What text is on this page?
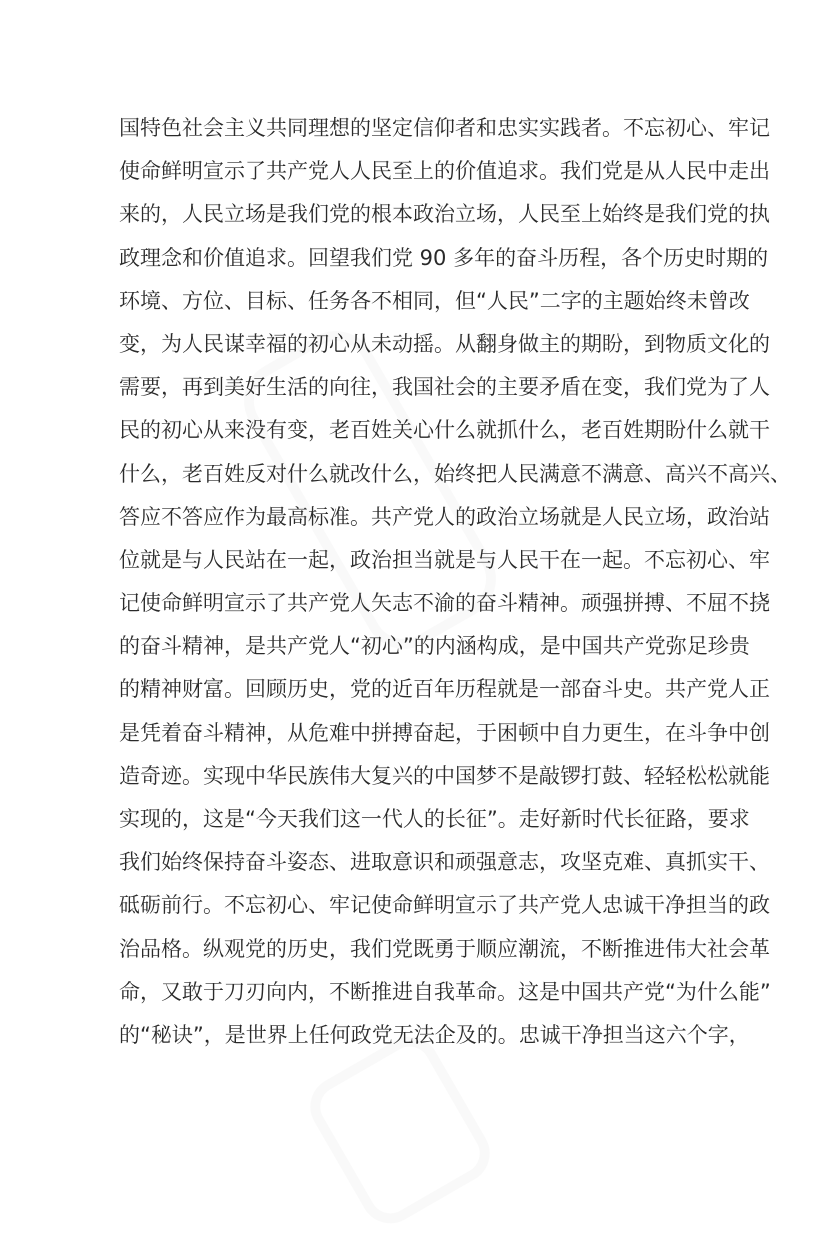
国特色社会主义共同理想的坚定信仰者和忠实实践者。不忘初心、牢记
使命鲜明宣示了共产党人人民至上的价值追求。我们党是从人民中走出
来的，人民立场是我们党的根本政治立场，人民至上始终是我们党的执
政理念和价值追求。回望我们党 90 多年的奋斗历程，各个历史时期的
环境、方位、目标、任务各不相同，但“人民”二字的主题始终未曾改
变，为人民谋幸福的初心从未动摇。从翻身做主的期盼，到物质文化的
需要，再到美好生活的向往，我国社会的主要矛盾在变，我们党为了人
民的初心从来没有变，老百姓关心什么就抓什么，老百姓期盼什么就干
什么，老百姓反对什么就改什么，始终把人民满意不满意、高兴不高兴、
答应不答应作为最高标准。共产党人的政治立场就是人民立场，政治站
位就是与人民站在一起，政治担当就是与人民干在一起。不忘初心、牢
记使命鲜明宣示了共产党人矢志不渝的奋斗精神。顽强拼搏、不屈不挠
的奋斗精神，是共产党人“初心”的内涵构成，是中国共产党弥足珍贵
的精神财富。回顾历史，党的近百年历程就是一部奋斗史。共产党人正
是凭着奋斗精神，从危难中拼搏奋起，于困顿中自力更生，在斗争中创
造奇迹。实现中华民族伟大复兴的中国梦不是敲锣打鼓、轻轻松松就能
实现的，这是“今天我们这一代人的长征”。走好新时代长征路，要求
我们始终保持奋斗姿态、进取意识和顽强意志，攻坚克难、真抓实干、
砥砺前行。不忘初心、牢记使命鲜明宣示了共产党人忠诚干净担当的政
治品格。纵观党的历史，我们党既勇于顺应潮流，不断推进伟大社会革
命，又敢于刀刃向内，不断推进自我革命。这是中国共产党“为什么能”
的“秘诀”，是世界上任何政党无法企及的。忠诚干净担当这六个字，
